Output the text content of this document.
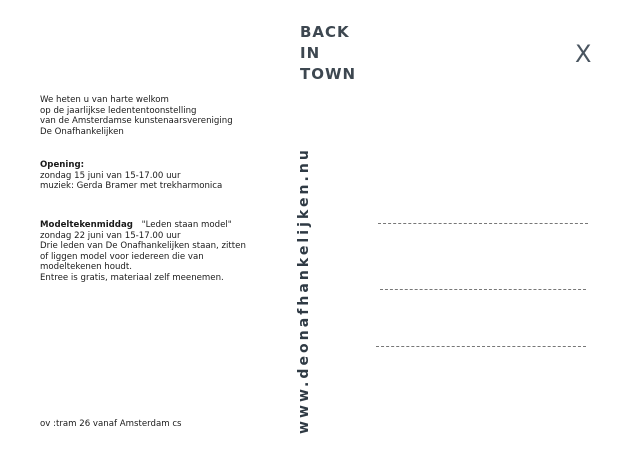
We heten u van harte welkom
op de jaarlijkse ledententoonstelling
van de Amsterdamse kunstenaarsvereniging
De Onafhankelijken
Opening:
zondag 15 juni van 15-17.00 uur
muziek: Gerda Bramer met trekharmonica
Modeltekenmiddag "Leden staan model"
zondag 22 juni van 15-17.00 uur
Drie leden van De Onafhankelijken staan, zitten
of liggen model voor iedereen die van
modeltekenen houdt.
Entree is gratis, materiaal zelf meenemen.
ov :tram 26 vanaf Amsterdam cs
BACK
IN
TOWN
www.deonafhankelijken.nu
X
